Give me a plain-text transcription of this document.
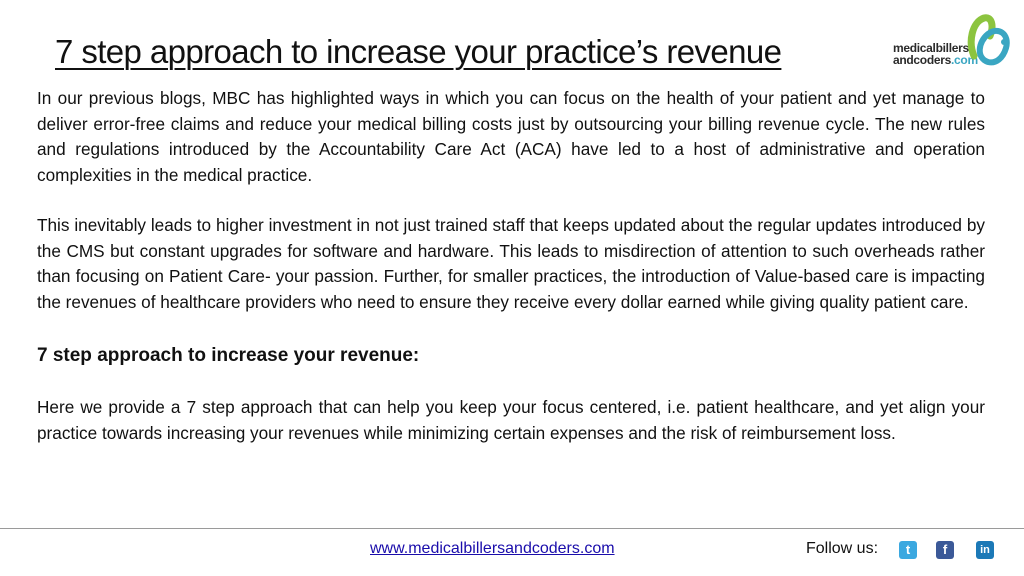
7 step approach to increase your practice’s revenue	medicalbillers
andcoders.com

In our previous blogs, MBC has highlighted ways in which you can focus on the health of your patient and yet manage to deliver error-free claims and reduce your medical billing costs just by outsourcing your billing revenue cycle. The new rules and regulations introduced by the Accountability Care Act (ACA) have led to a host of administrative and operation complexities in the medical practice.

This inevitably leads to higher investment in not just trained staff that keeps updated about the regular updates introduced by the CMS but constant upgrades for software and hardware. This leads to misdirection of attention to such overheads rather than focusing on Patient Care- your passion. Further, for smaller practices, the introduction of Value-based care is impacting the revenues of healthcare providers who need to ensure they receive every dollar earned while giving quality patient care.

7 step approach to increase your revenue:

Here we provide a 7 step approach that can help you keep your focus centered, i.e. patient healthcare, and yet align your practice towards increasing your revenues while minimizing certain expenses and the risk of reimbursement loss.

www.medicalbillersandcoders.com	Follow us:	t	f	in
